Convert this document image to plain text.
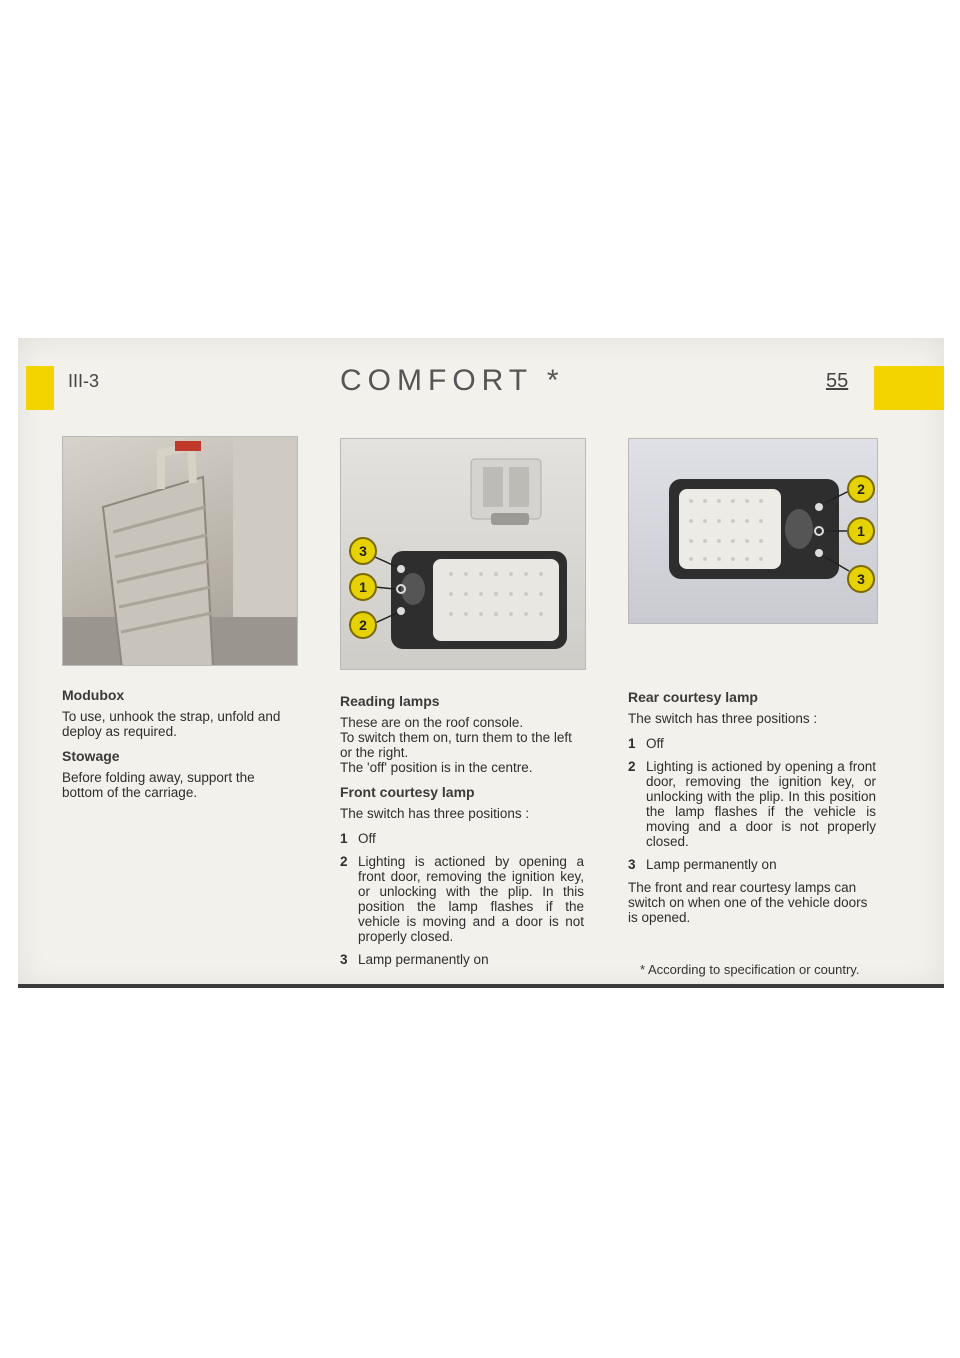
III-3	COMFORT *	55
3
1
2
2
1
3
Modubox

To use, unhook the strap, unfold and deploy as required.

Stowage

Before folding away, support the bottom of the carriage.

Reading lamps

These are on the roof console.

To switch them on, turn them to the left or the right.

The 'off' position is in the centre.

Front courtesy lamp

The switch has three positions :

1 Off
2 Lighting is actioned by opening a front door, removing the ignition key, or unlocking with the plip. In this position the lamp flashes if the vehicle is moving and a door is not properly closed.
3 Lamp permanently on
Rear courtesy lamp

The switch has three positions :

1 Off
2 Lighting is actioned by opening a front door, removing the ignition key, or unlocking with the plip. In this position the lamp flashes if the vehicle is moving and a door is not properly closed.
3 Lamp permanently on

The front and rear courtesy lamps can switch on when one of the vehicle doors is opened.

* According to specification or country.
